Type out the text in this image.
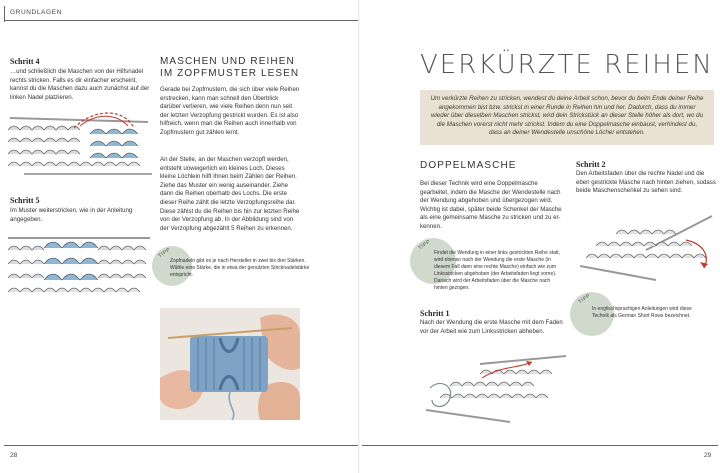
GRUNDLAGEN
Schritt 4
…und schließlich die Maschen von der Hilfsnadel rechts stricken. Falls es dir einfacher erscheint, kannst du die Maschen dazu auch zunächst auf der linken Nadel platzieren.
Schritt 5
Im Muster weiterstricken, wie in der Anleitung angegeben.
MASCHEN UND REIHEN
IM ZOPFMUSTER LESEN
Gerade bei Zopfmustern, die sich über viele Reihen erstrecken, kann man schnell den Überblick darüber verlieren, wie viele Reihen denn nun seit der letzten Verzopfung gestrickt wurden. Es ist also hilfreich, wenn man die Reihen auch innerhalb von Zopfmustern gut zählen lernt.
An der Stelle, an der Maschen verzopft werden, entsteht unweigerlich ein kleines Loch. Dieses kleine Löchlein hilft Ihnen beim Zählen der Reihen. Ziehe das Muster ein wenig auseinander. Ziehe dann die Reihen oberhalb des Lochs. Die erste dieser Reihe zählt die letzte Verzopfungsreihe dar. Diese zählst du die Reihen bis hin zur letzten Reihe von der Verzopfung ab. In der Abbildung sind von der Verzopfung abgezählt 5 Reihen zu erkennen.
TIPP
Zopfnadeln gibt es je nach Hersteller in zwei bis drei Stärken. Wähle eine Stärke, die in etwa der genutzten Stricknadelstärke entspricht.
28	29
VERKÜRZTE REIHEN
Um verkürzte Reihen zu stricken, wendest du deine Arbeit schon, bevor du beim Ende deiner Reihe angekommen bist bzw. strickst in einer Runde in Reihen hin und her. Dadurch, dass du immer wieder über dieselben Maschen strickst, wird dein Strickstück an dieser Stelle höher als dort, wo du die Maschen vorerst nicht mehr strickst. Indem du eine Doppelmasche einbaust, verhindest du, dass an deiner Wendestelle unschöne Löcher entstehen.
DOPPELMASCHE
Bei dieser Technik wird eine Doppelmasche gearbeitet, indem die Masche der Wendestelle nach der Wendung abgehoben und übergezogen wird. Wichtig ist dabei, später beide Schenkel der Masche als eine gemeinsame Masche zu stricken und zu erkennen.
TIPP
Findet die Wendung in einer links gestrickten Reihe statt, wird ebenso nach der Wendung die erste Masche (in diesem Fall dann eine rechte Masche) einfach wie zum Linksstricken abgehoben (der Arbeitsfaden liegt vorne). Danach wird der Arbeitsfaden über die Masche nach hinten gezogen.
Schritt 1
Nach der Wendung die erste Masche mit dem Faden vor der Arbeit wie zum Linksstricken abheben.
Schritt 2
Den Arbeitsfaden über die rechte Nadel und die eben gestrickte Masche nach hinten ziehen, sodass beide Maschenschenkel zu sehen sind.
TIPP
In englischsprachigen Anleitungen wird diese Technik als German Short Rows bezeichnet.
